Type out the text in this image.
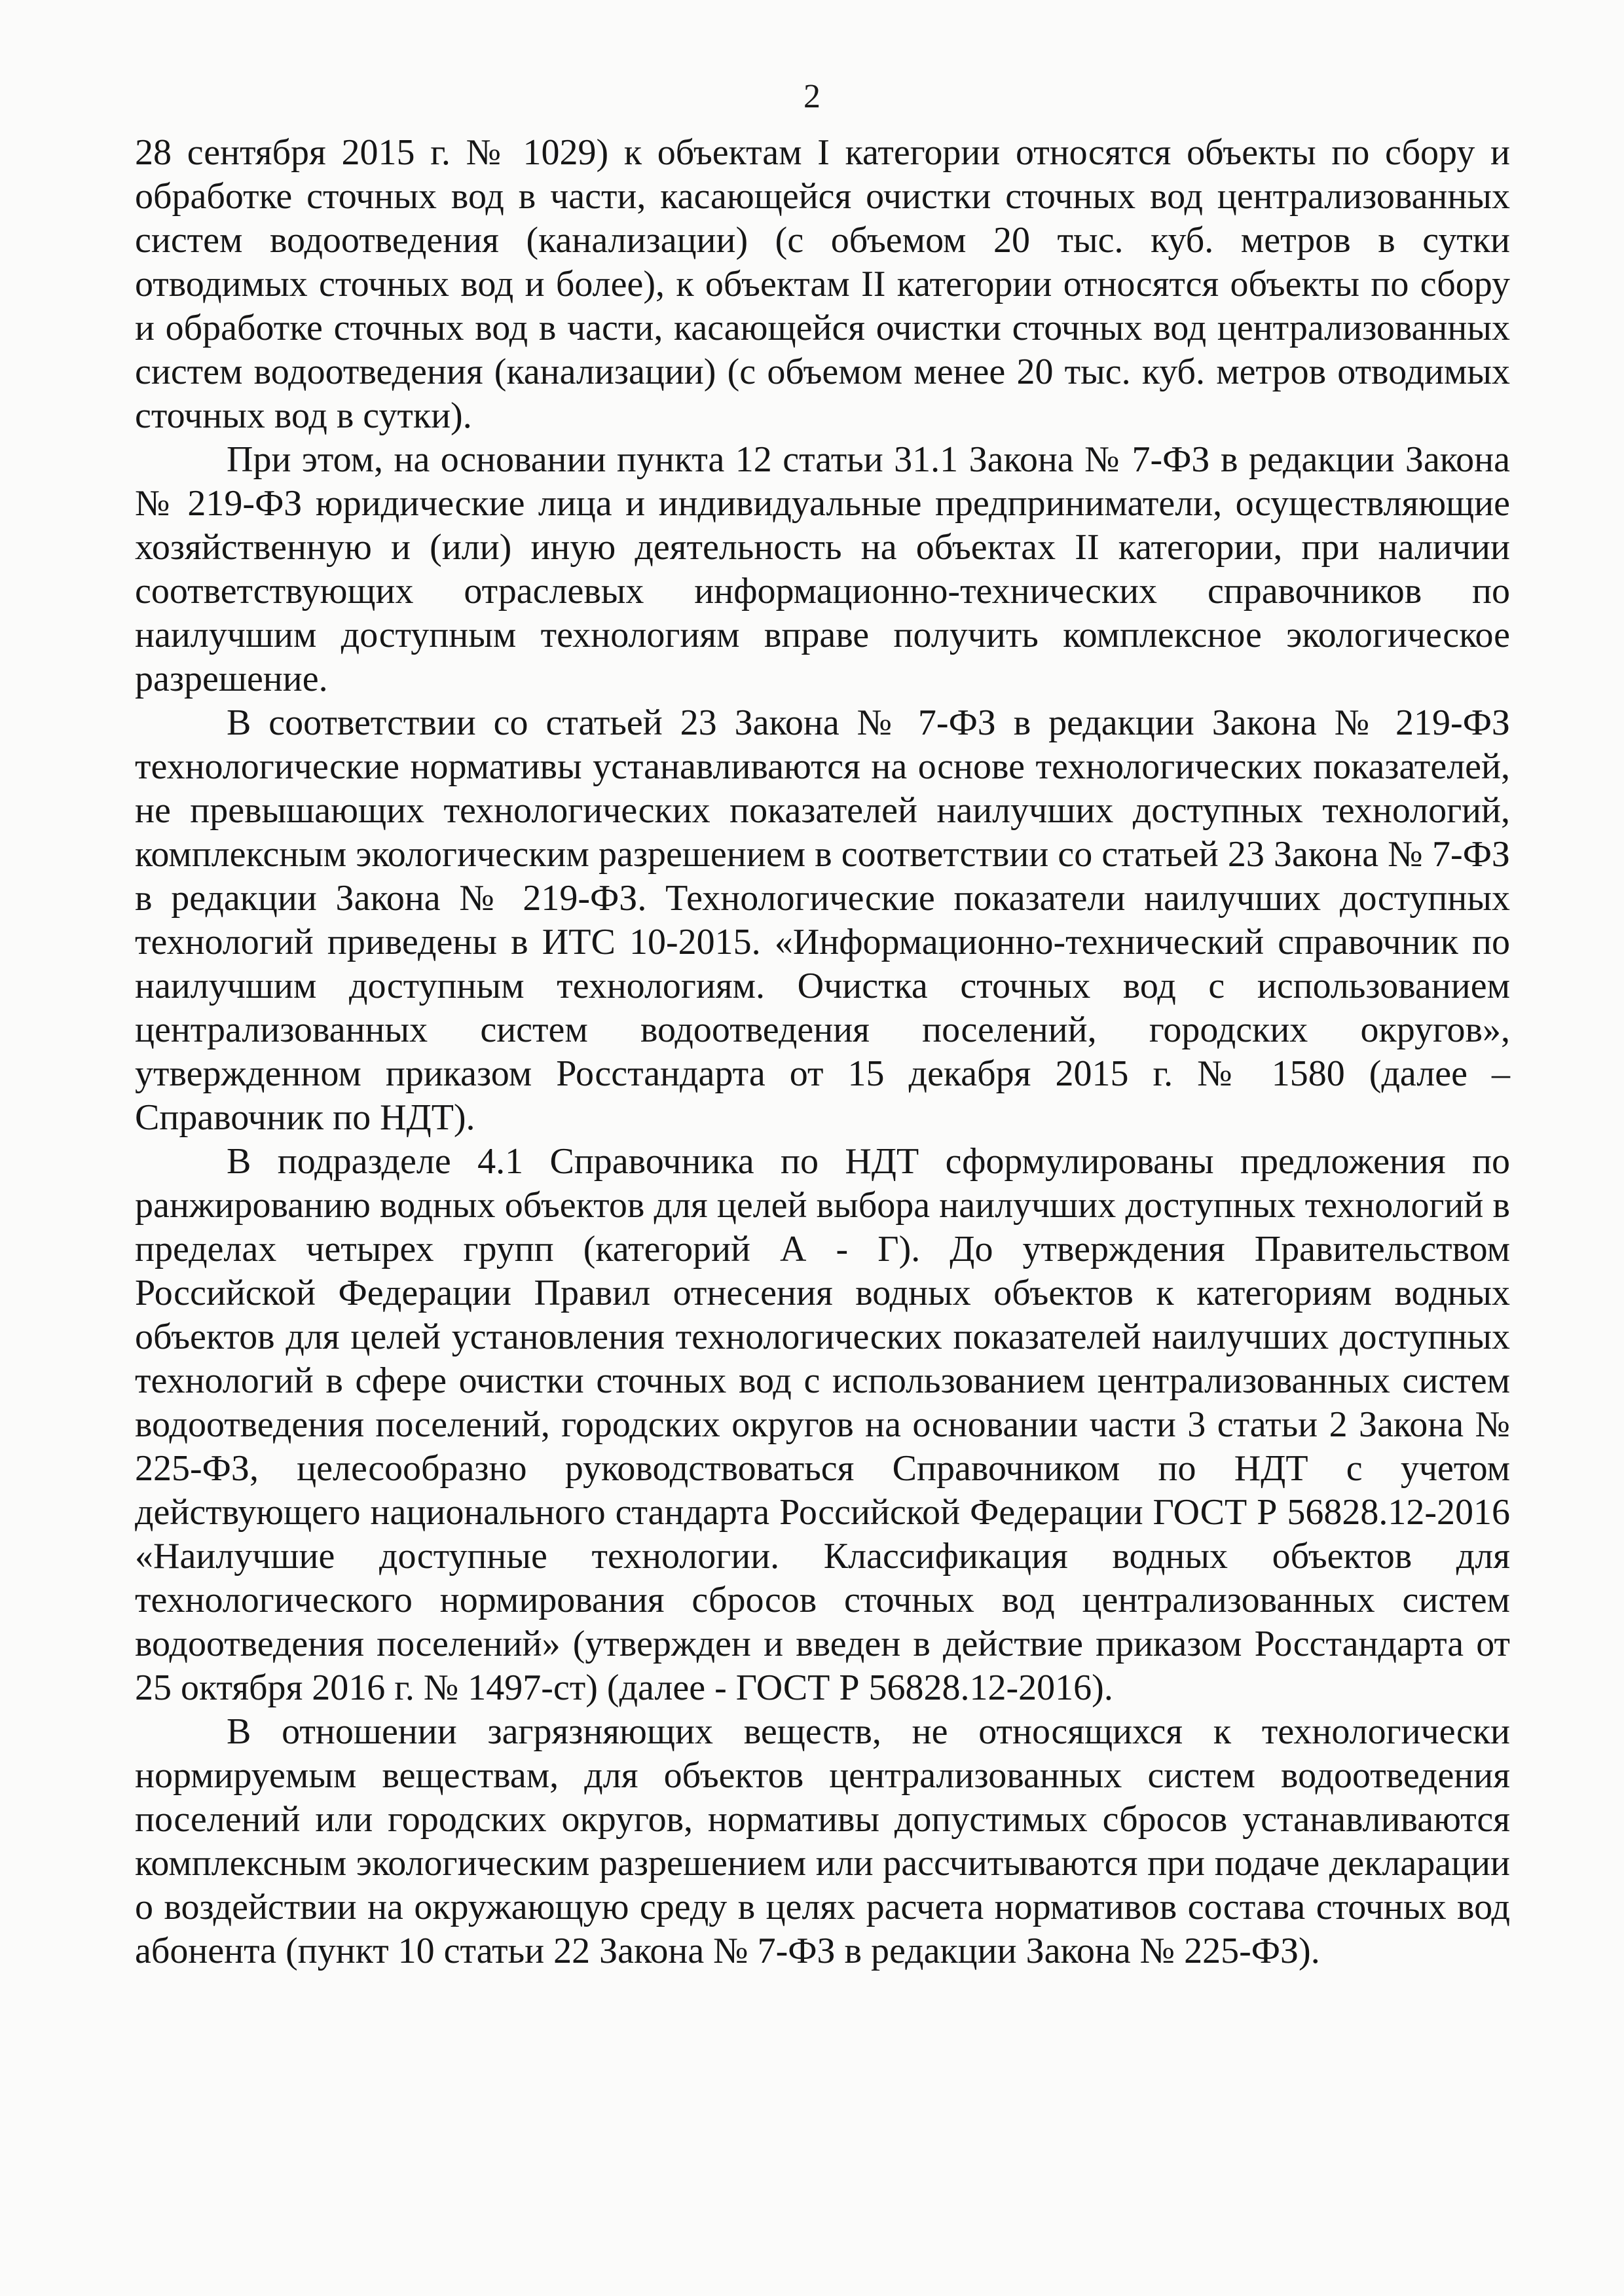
2

28 сентября 2015 г. № 1029) к объектам I категории относятся объекты по сбору и обработке сточных вод в части, касающейся очистки сточных вод централизованных систем водоотведения (канализации) (с объемом 20 тыс. куб. метров в сутки отводимых сточных вод и более), к объектам II категории относятся объекты по сбору и обработке сточных вод в части, касающейся очистки сточных вод централизованных систем водоотведения (канализации) (с объемом менее 20 тыс. куб. метров отводимых сточных вод в сутки).

При этом, на основании пункта 12 статьи 31.1 Закона № 7-ФЗ в редакции Закона № 219-ФЗ юридические лица и индивидуальные предприниматели, осуществляющие хозяйственную и (или) иную деятельность на объектах II категории, при наличии соответствующих отраслевых информационно-технических справочников по наилучшим доступным технологиям вправе получить комплексное экологическое разрешение.

В соответствии со статьей 23 Закона № 7-ФЗ в редакции Закона № 219-ФЗ технологические нормативы устанавливаются на основе технологических показателей, не превышающих технологических показателей наилучших доступных технологий, комплексным экологическим разрешением в соответствии со статьей 23 Закона № 7-ФЗ в редакции Закона № 219-ФЗ. Технологические показатели наилучших доступных технологий приведены в ИТС 10-2015. «Информационно-технический справочник по наилучшим доступным технологиям. Очистка сточных вод с использованием централизованных систем водоотведения поселений, городских округов», утвержденном приказом Росстандарта от 15 декабря 2015 г. № 1580 (далее – Справочник по НДТ).

В подразделе 4.1 Справочника по НДТ сформулированы предложения по ранжированию водных объектов для целей выбора наилучших доступных технологий в пределах четырех групп (категорий А - Г). До утверждения Правительством Российской Федерации Правил отнесения водных объектов к категориям водных объектов для целей установления технологических показателей наилучших доступных технологий в сфере очистки сточных вод с использованием централизованных систем водоотведения поселений, городских округов на основании части 3 статьи 2 Закона № 225-ФЗ, целесообразно руководствоваться Справочником по НДТ с учетом действующего национального стандарта Российской Федерации ГОСТ Р 56828.12-2016 «Наилучшие доступные технологии. Классификация водных объектов для технологического нормирования сбросов сточных вод централизованных систем водоотведения поселений» (утвержден и введен в действие приказом Росстандарта от 25 октября 2016 г. № 1497-ст) (далее - ГОСТ Р 56828.12-2016).

В отношении загрязняющих веществ, не относящихся к технологически нормируемым веществам, для объектов централизованных систем водоотведения поселений или городских округов, нормативы допустимых сбросов устанавливаются комплексным экологическим разрешением или рассчитываются при подаче декларации о воздействии на окружающую среду в целях расчета нормативов состава сточных вод абонента (пункт 10 статьи 22 Закона № 7-ФЗ в редакции Закона № 225-ФЗ).
